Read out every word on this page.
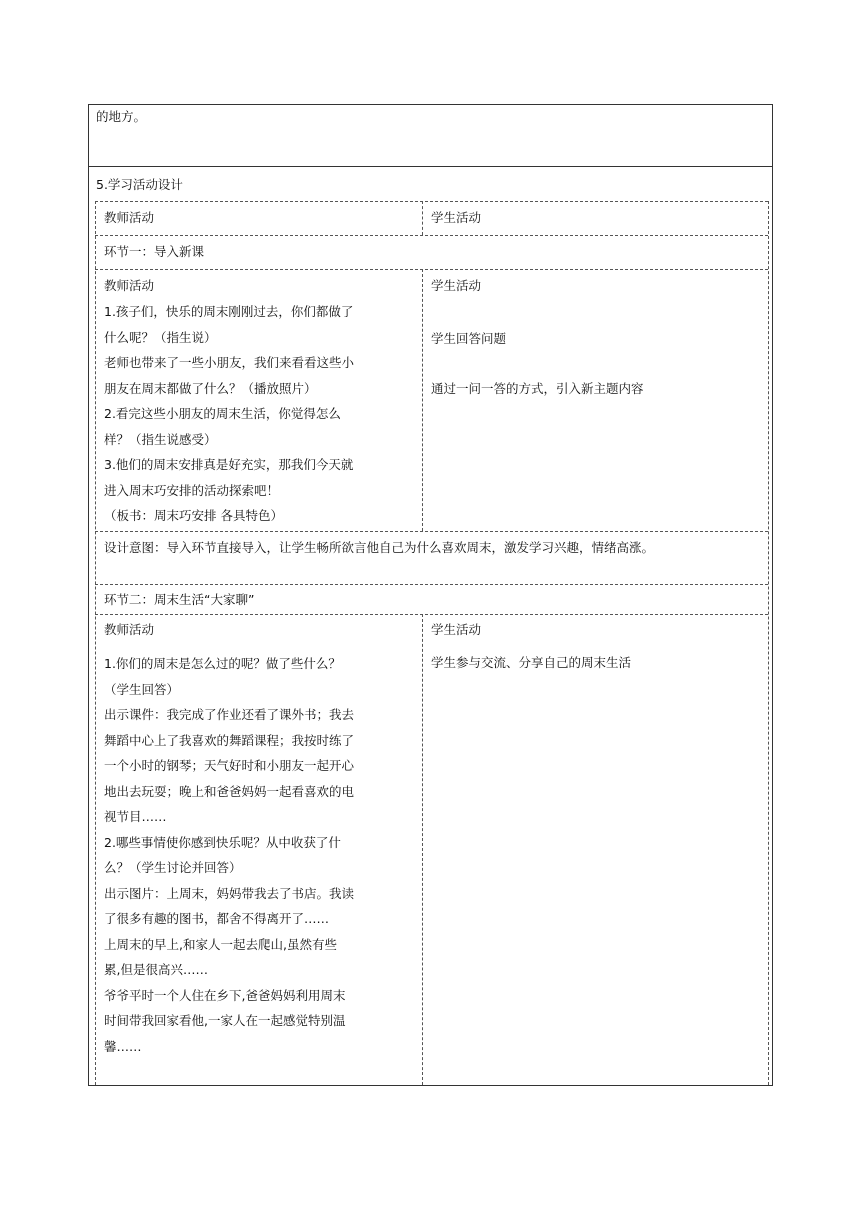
的地方。
5.学习活动设计
教师活动	学生活动
环节一：导入新课
教师活动
1.孩子们，快乐的周末刚刚过去，你们都做了
什么呢？（指生说）
老师也带来了一些小朋友，我们来看看这些小
朋友在周末都做了什么？（播放照片）
2.看完这些小朋友的周末生活，你觉得怎么
样？（指生说感受）
3.他们的周末安排真是好充实，那我们今天就
进入周末巧安排的活动探索吧！
（板书：周末巧安排 各具特色）
学生活动
学生回答问题
通过一问一答的方式，引入新主题内容
设计意图：导入环节直接导入，让学生畅所欲言他自己为什么喜欢周末，激发学习兴趣，情绪高涨。
环节二：周末生活“大家聊”
教师活动
1.你们的周末是怎么过的呢？做了些什么？
（学生回答）
出示课件：我完成了作业还看了课外书；我去
舞蹈中心上了我喜欢的舞蹈课程；我按时练了
一个小时的钢琴；天气好时和小朋友一起开心
地出去玩耍；晚上和爸爸妈妈一起看喜欢的电
视节目……
2.哪些事情使你感到快乐呢？从中收获了什
么？（学生讨论并回答）
出示图片：上周末，妈妈带我去了书店。我读
了很多有趣的图书，都舍不得离开了……
上周末的早上,和家人一起去爬山,虽然有些
累,但是很高兴……
爷爷平时一个人住在乡下,爸爸妈妈利用周末
时间带我回家看他,一家人在一起感觉特别温
馨……
学生活动
学生参与交流、分享自己的周末生活
